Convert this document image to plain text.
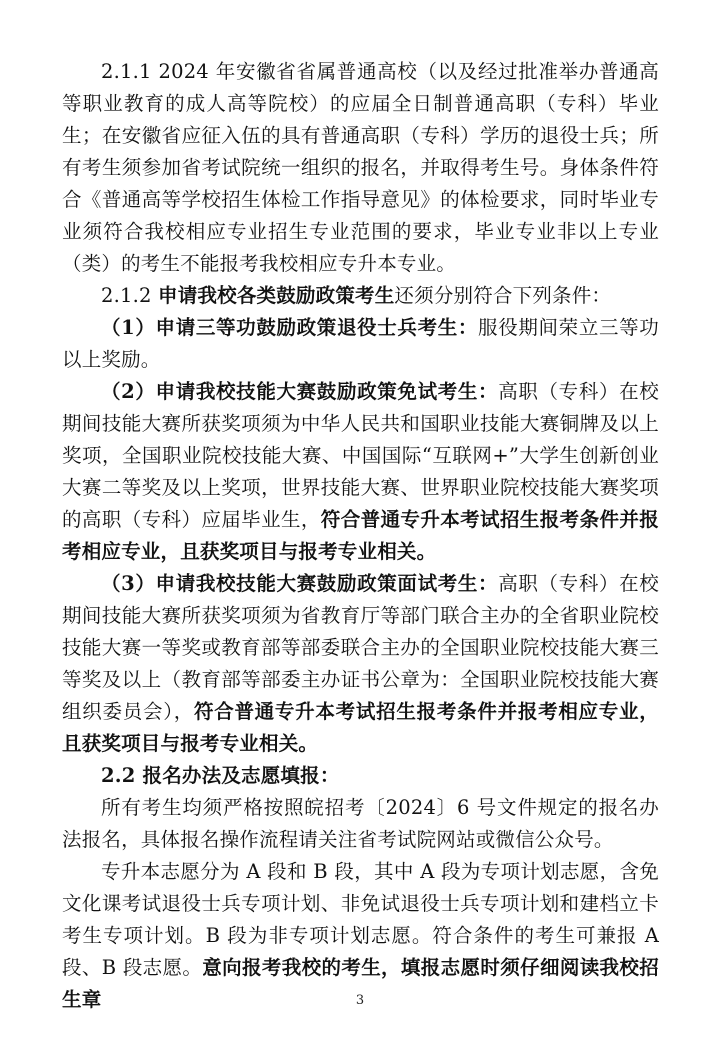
2.1.1 2024 年安徽省省属普通高校（以及经过批准举办普通高等职业教育的成人高等院校）的应届全日制普通高职（专科）毕业生；在安徽省应征入伍的具有普通高职（专科）学历的退役士兵；所有考生须参加省考试院统一组织的报名，并取得考生号。身体条件符合《普通高等学校招生体检工作指导意见》的体检要求，同时毕业专业须符合我校相应专业招生专业范围的要求，毕业专业非以上专业（类）的考生不能报考我校相应专升本专业。

2.1.2 申请我校各类鼓励政策考生还须分别符合下列条件：

（1）申请三等功鼓励政策退役士兵考生：服役期间荣立三等功以上奖励。

（2）申请我校技能大赛鼓励政策免试考生：高职（专科）在校期间技能大赛所获奖项须为中华人民共和国职业技能大赛铜牌及以上奖项，全国职业院校技能大赛、中国国际“互联网+”大学生创新创业大赛二等奖及以上奖项，世界技能大赛、世界职业院校技能大赛奖项的高职（专科）应届毕业生，符合普通专升本考试招生报考条件并报考相应专业，且获奖项目与报考专业相关。

（3）申请我校技能大赛鼓励政策面试考生：高职（专科）在校期间技能大赛所获奖项须为省教育厅等部门联合主办的全省职业院校技能大赛一等奖或教育部等部委联合主办的全国职业院校技能大赛三等奖及以上（教育部等部委主办证书公章为：全国职业院校技能大赛组织委员会），符合普通专升本考试招生报考条件并报考相应专业，且获奖项目与报考专业相关。

2.2 报名办法及志愿填报：

所有考生均须严格按照皖招考〔2024〕6 号文件规定的报名办法报名，具体报名操作流程请关注省考试院网站或微信公众号。

专升本志愿分为 A 段和 B 段，其中 A 段为专项计划志愿，含免文化课考试退役士兵专项计划、非免试退役士兵专项计划和建档立卡考生专项计划。B 段为非专项计划志愿。符合条件的考生可兼报 A 段、B 段志愿。意向报考我校的考生，填报志愿时须仔细阅读我校招生章	3
